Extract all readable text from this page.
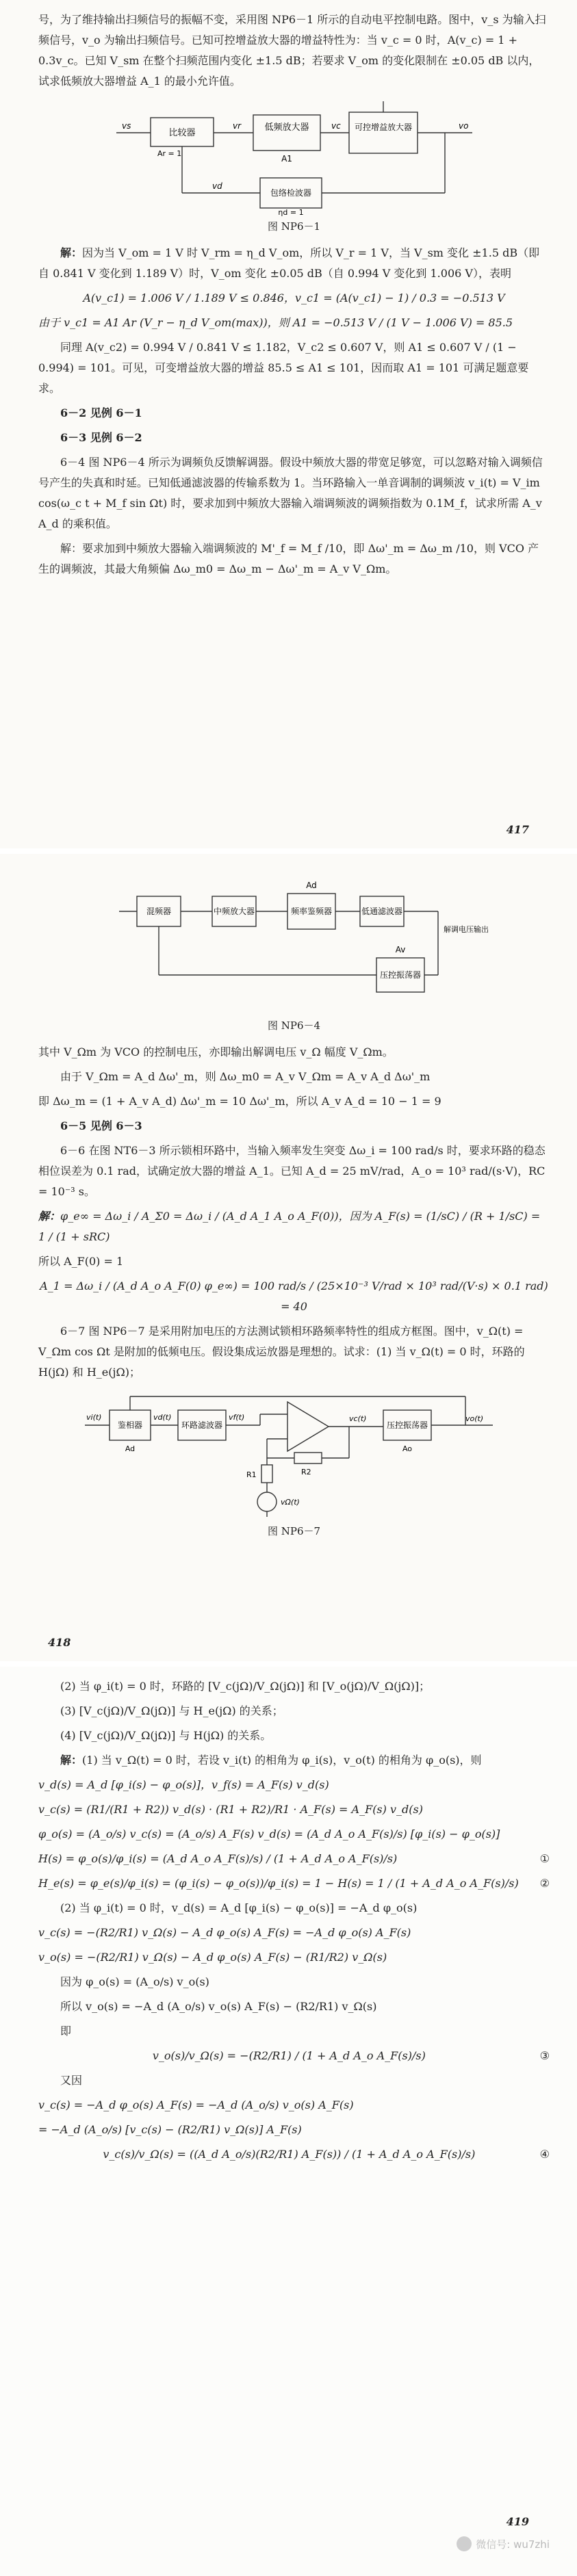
号，为了维持输出扫频信号的振幅不变，采用图 NP6－1 所示的自动电平控制电路。图中，v_s 为输入扫频信号，v_o 为输出扫频信号。已知可控增益放大器的增益特性为：当 v_c = 0 时，A(v_c) = 1 + 0.3v_c。已知 V_sm 在整个扫频范围内变化 ±1.5 dB；若要求 V_om 的变化限制在 ±0.05 dB 以内，试求低频放大器增益 A_1 的最小允许值。

比较器
低频放大器
A1
可控增益放大器
包络检波器
Ar = 1
vs	vr	vc	vo
vd
ηd = 1
图 NP6－1

解：因为当 V_om = 1 V 时 V_rm = η_d V_om，所以 V_r = 1 V，当 V_sm 变化 ±1.5 dB（即自 0.841 V 变化到 1.189 V）时，V_om 变化 ±0.05 dB（自 0.994 V 变化到 1.006 V），表明

A(v_c1) = 1.006 V / 1.189 V ≤ 0.846，v_c1 = (A(v_c1) − 1) / 0.3 = −0.513 V
由于 v_c1 = A1 Ar (V_r − η_d V_om(max))，则 A1 = −0.513 V / (1 V − 1.006 V) = 85.5

同理 A(v_c2) = 0.994 V / 0.841 V ≤ 1.182，V_c2 ≤ 0.607 V，则 A1 ≤ 0.607 V / (1 − 0.994) = 101。可见，可变增益放大器的增益 85.5 ≤ A1 ≤ 101，因而取 A1 = 101 可满足题意要求。

6－2 见例 6－1

6－3 见例 6－2

6－4 图 NP6－4 所示为调频负反馈解调器。假设中频放大器的带宽足够宽，可以忽略对输入调频信号产生的失真和时延。已知低通滤波器的传输系数为 1。当环路输入一单音调制的调频波 v_i(t) = V_im cos(ω_c t + M_f sin Ωt) 时，要求加到中频放大器输入端调频波的调频指数为 0.1M_f，试求所需 A_v A_d 的乘积值。

解：要求加到中频放大器输入端调频波的 M'_f = M_f /10，即 Δω'_m = Δω_m /10，则 VCO 产生的调频波，其最大角频偏 Δω_m0 = Δω_m − Δω'_m = A_v V_Ωm。

417
混频器	中频放大器	频率鉴频器
Ad
低通滤波器
压控振荡器
Av
解调电压输出
图 NP6－4

其中 V_Ωm 为 VCO 的控制电压，亦即输出解调电压 v_Ω 幅度 V_Ωm。

由于 V_Ωm = A_d Δω'_m，则 Δω_m0 = A_v V_Ωm = A_v A_d Δω'_m

即 Δω_m = (1 + A_v A_d) Δω'_m = 10 Δω'_m，所以 A_v A_d = 10 − 1 = 9

6－5 见例 6－3

6－6 在图 NT6－3 所示锁相环路中，当输入频率发生突变 Δω_i = 100 rad/s 时，要求环路的稳态相位误差为 0.1 rad，试确定放大器的增益 A_1。已知 A_d = 25 mV/rad，A_o = 10³ rad/(s·V)，RC = 10⁻³ s。

解：φ_e∞ = Δω_i / A_Σ0 = Δω_i / (A_d A_1 A_o A_F(0))，因为 A_F(s) = (1/sC) / (R + 1/sC) = 1 / (1 + sRC)

所以 A_F(0) = 1

A_1 = Δω_i / (A_d A_o A_F(0) φ_e∞) = 100 rad/s / (25×10⁻³ V/rad × 10³ rad/(V·s) × 0.1 rad) = 40

6－7 图 NP6－7 是采用附加电压的方法测试锁相环路频率特性的组成方框图。图中，v_Ω(t) = V_Ωm cos Ωt 是附加的低频电压。假设集成运放器是理想的。试求：(1) 当 v_Ω(t) = 0 时，环路的 H(jΩ) 和 H_e(jΩ)；

鉴相器
Ad
环路滤波器	压控振荡器
Ao
vi(t)	vd(t)	vf(t)	vc(t)	vo(t)
vΩ(t)
R1	R2
图 NP6－7
418

(2) 当 φ_i(t) = 0 时，环路的 [V_c(jΩ)/V_Ω(jΩ)] 和 [V_o(jΩ)/V_Ω(jΩ)]；

(3) [V_c(jΩ)/V_Ω(jΩ)] 与 H_e(jΩ) 的关系；

(4) [V_c(jΩ)/V_Ω(jΩ)] 与 H(jΩ) 的关系。

解：(1) 当 v_Ω(t) = 0 时，若设 v_i(t) 的相角为 φ_i(s)，v_o(t) 的相角为 φ_o(s)，则

v_d(s) = A_d [φ_i(s) − φ_o(s)]，v_f(s) = A_F(s) v_d(s)
v_c(s) = (R1/(R1 + R2)) v_d(s) · (R1 + R2)/R1 · A_F(s) = A_F(s) v_d(s)
φ_o(s) = (A_o/s) v_c(s) = (A_o/s) A_F(s) v_d(s) = (A_d A_o A_F(s)/s) [φ_i(s) − φ_o(s)]
H(s) = φ_o(s)/φ_i(s) = (A_d A_o A_F(s)/s) / (1 + A_d A_o A_F(s)/s)	①
H_e(s) = φ_e(s)/φ_i(s) = (φ_i(s) − φ_o(s))/φ_i(s) = 1 − H(s) = 1 / (1 + A_d A_o A_F(s)/s) ②

(2) 当 φ_i(t) = 0 时，v_d(s) = A_d [φ_i(s) − φ_o(s)] = −A_d φ_o(s)

v_c(s) = −(R2/R1) v_Ω(s) − A_d φ_o(s) A_F(s) = −A_d φ_o(s) A_F(s)
v_o(s) = −(R2/R1) v_Ω(s) − A_d φ_o(s) A_F(s) − (R1/R2) v_Ω(s)

因为 φ_o(s) = (A_o/s) v_o(s)

所以 v_o(s) = −A_d (A_o/s) v_o(s) A_F(s) − (R2/R1) v_Ω(s)

即

v_o(s)/v_Ω(s) = −(R2/R1) / (1 + A_d A_o A_F(s)/s)	③

又因

v_c(s) = −A_d φ_o(s) A_F(s) = −A_d (A_o/s) v_o(s) A_F(s)
= −A_d (A_o/s) [v_c(s) − (R2/R1) v_Ω(s)] A_F(s)
v_c(s)/v_Ω(s) = ((A_d A_o/s)(R2/R1) A_F(s)) / (1 + A_d A_o A_F(s)/s)	④
419
微信号: wu7zhi
